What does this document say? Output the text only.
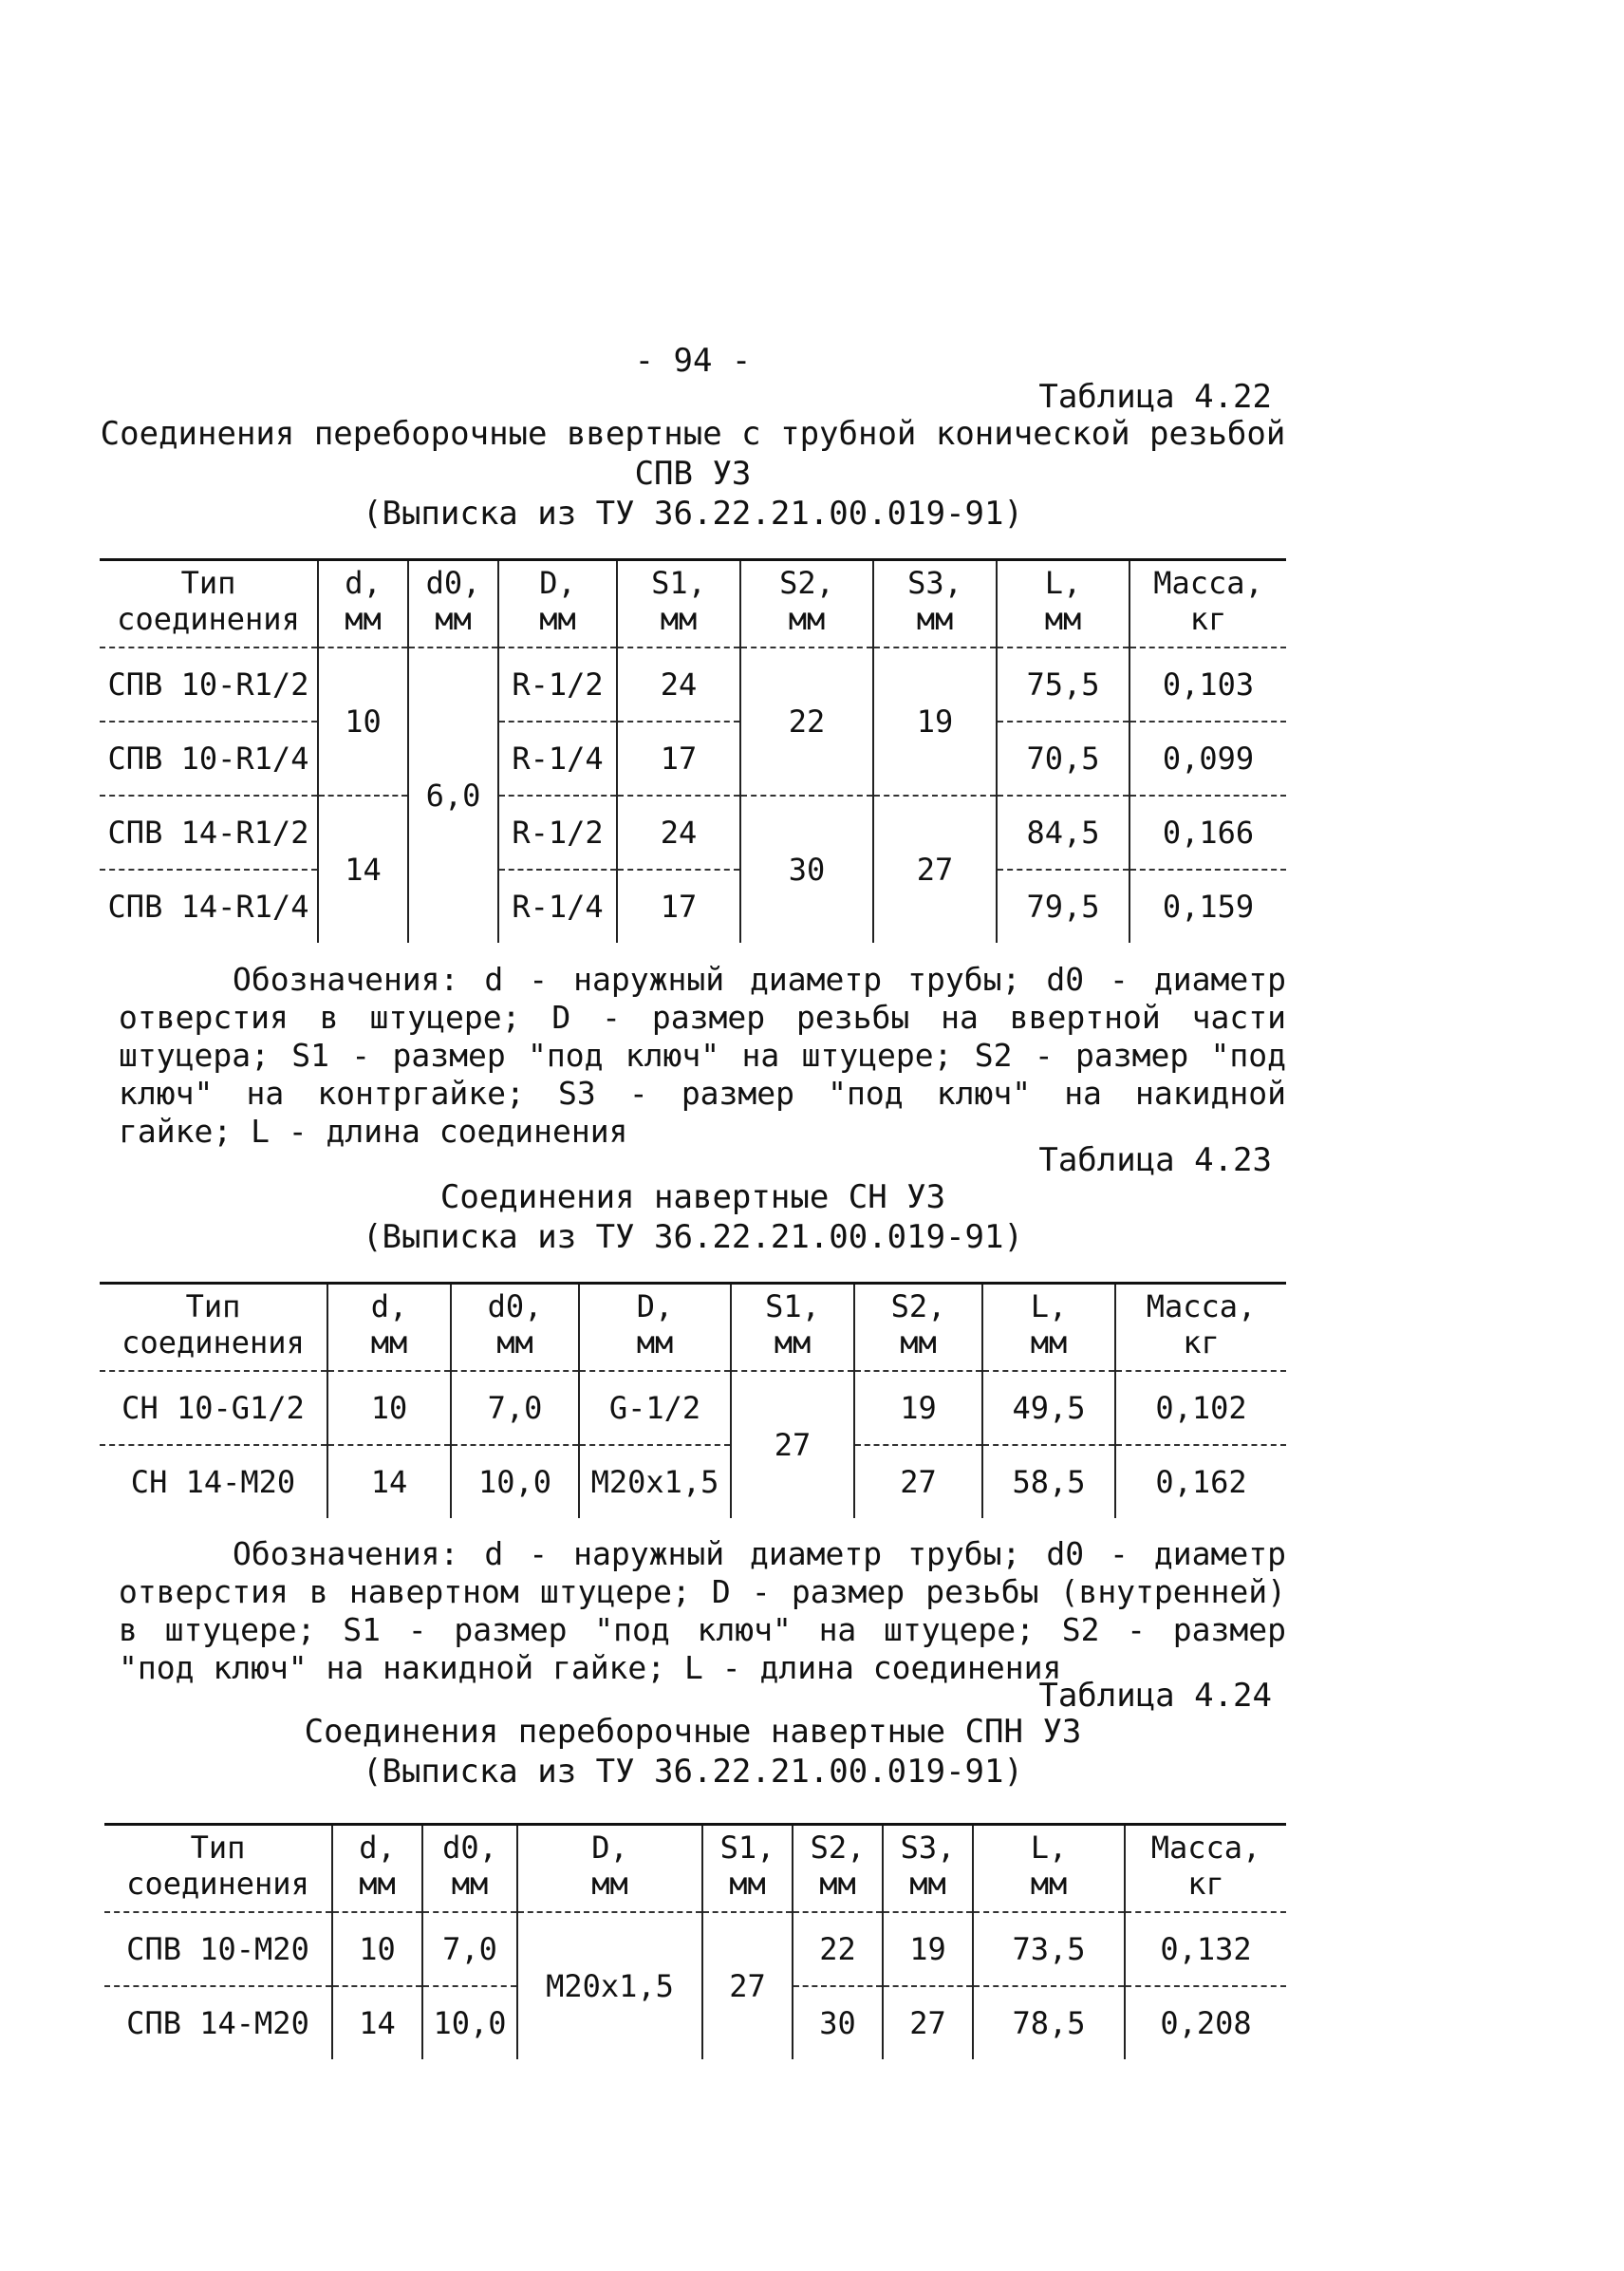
- 94 -
Таблица 4.22
Соединения переборочные ввертные с трубной конической резьбой
СПВ УЗ
(Выписка из ТУ 36.22.21.00.019-91)
Тип	d,	d0,	D,	S1,	S2,	S3,	L,	Масса,
соединения	мм	мм	мм	мм	мм	мм	мм	кг
СПВ 10-R1/2	10	6,0	R-1/2	24	22	19	75,5	0,103
СПВ 10-R1/4			R-1/4	17			70,5	0,099
СПВ 14-R1/2	14		R-1/2	24	30	27	84,5	0,166
СПВ 14-R1/4			R-1/4	17			79,5	0,159
Обозначения: d - наружный диаметр трубы; d0 - диаметр отверстия в штуцере; D - размер резьбы на ввертной части штуцера; S1 - размер "под ключ" на штуцере; S2 - размер "под ключ" на контргайке; S3 - размер "под ключ" на накидной гайке; L - длина соединения
Таблица 4.23
Соединения навертные СН УЗ
(Выписка из ТУ 36.22.21.00.019-91)
Тип	d,	d0,	D,	S1,	S2,	L,	Масса,
соединения	мм	мм	мм	мм	мм	мм	кг
СН 10-G1/2	10	7,0	G-1/2	27	19	49,5	0,102
СН 14-М20	14	10,0	М20х1,5		27	58,5	0,162
Обозначения: d - наружный диаметр трубы; d0 - диаметр отверстия в навертном штуцере; D - размер резьбы (внутренней) в штуцере; S1 - размер "под ключ" на штуцере; S2 - размер "под ключ" на накидной гайке; L - длина соединения
Таблица 4.24
Соединения переборочные навертные СПН УЗ
(Выписка из ТУ 36.22.21.00.019-91)
Тип	d,	d0,	D,	S1,	S2,	S3,	L,	Масса,
соединения	мм	мм	мм	мм	мм	мм	мм	кг
СПВ 10-М20	10	7,0	М20х1,5	27	22	19	73,5	0,132
СПВ 14-М20	14	10,0			30	27	78,5	0,208
